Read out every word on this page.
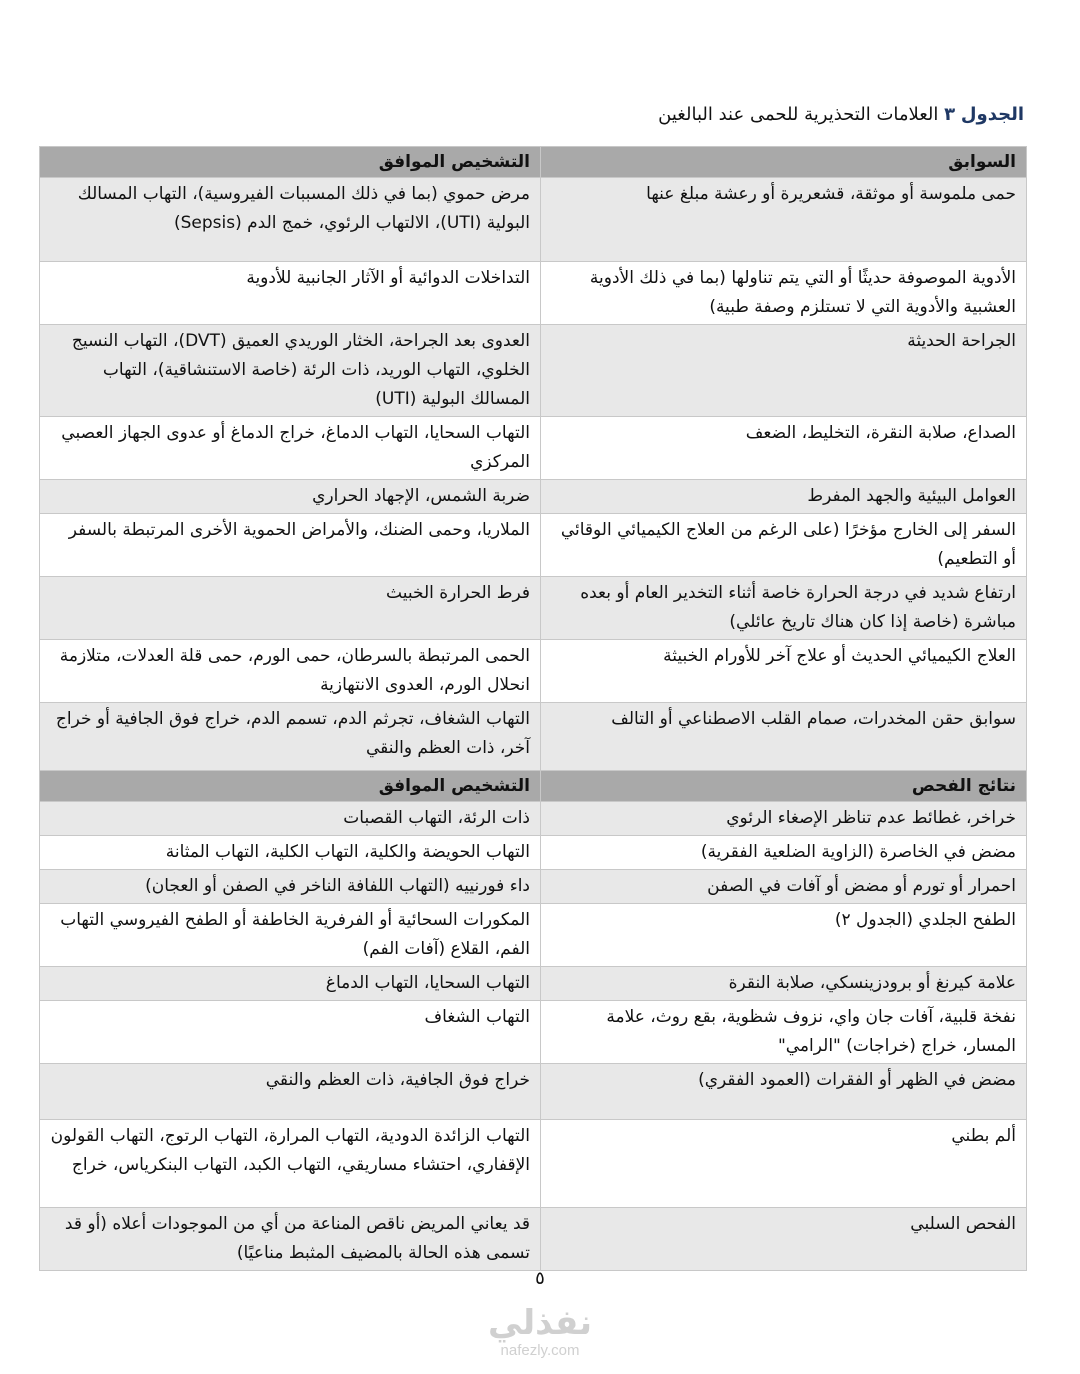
الجدول ٣ العلامات التحذيرية للحمى عند البالغين
السوابق	التشخيص الموافق
حمى ملموسة أو موثقة، قشعريرة أو رعشة مبلغ عنها	مرض حموي (بما في ذلك المسببات الفيروسية)، التهاب المسالك البولية (UTI)، الالتهاب الرئوي، خمج الدم (Sepsis)
الأدوية الموصوفة حديثًا أو التي يتم تناولها (بما في ذلك الأدوية العشبية والأدوية التي لا تستلزم وصفة طبية)	التداخلات الدوائية أو الآثار الجانبية للأدوية
الجراحة الحديثة	العدوى بعد الجراحة، الخثار الوريدي العميق (DVT)، التهاب النسيج الخلوي، التهاب الوريد، ذات الرئة (خاصة الاستنشاقية)، التهاب المسالك البولية (UTI)
الصداع، صلابة النقرة، التخليط، الضعف	التهاب السحايا، التهاب الدماغ، خراج الدماغ أو عدوى الجهاز العصبي المركزي
العوامل البيئية والجهد المفرط	ضربة الشمس، الإجهاد الحراري
السفر إلى الخارج مؤخرًا (على الرغم من العلاج الكيميائي الوقائي أو التطعيم)	الملاريا، وحمى الضنك، والأمراض الحموية الأخرى المرتبطة بالسفر
ارتفاع شديد في درجة الحرارة خاصة أثناء التخدير العام أو بعده مباشرة (خاصة إذا كان هناك تاريخ عائلي)	فرط الحرارة الخبيث
العلاج الكيميائي الحديث أو علاج آخر للأورام الخبيثة	الحمى المرتبطة بالسرطان، حمى الورم، حمى قلة العدلات، متلازمة انحلال الورم، العدوى الانتهازية
سوابق حقن المخدرات، صمام القلب الاصطناعي أو التالف	التهاب الشغاف، تجرثم الدم، تسمم الدم، خراج فوق الجافية أو خراج آخر، ذات العظم والنقي
نتائج الفحص	التشخيص الموافق
خراخر، غطائط عدم تناظر الإصغاء الرئوي	ذات الرئة، التهاب القصبات
مضض في الخاصرة (الزاوية الضلعية الفقرية)	التهاب الحويضة والكلية، التهاب الكلية، التهاب المثانة
احمرار أو تورم أو مضض أو آفات في الصفن	داء فورنييه (التهاب اللفافة الناخر في الصفن أو العجان)
الطفح الجلدي (الجدول ٢)	المكورات السحائية أو الفرفرية الخاطفة أو الطفح الفيروسي التهاب الفم، القلاع (آفات الفم)
علامة كيرنغ أو برودزينسكي، صلابة النقرة	التهاب السحايا، التهاب الدماغ
نفخة قلبية، آفات جان واي، نزوف شظوية، بقع روث، علامة المسار، خراج (خراجات) "الرامي"	التهاب الشغاف
مضض في الظهر أو الفقرات (العمود الفقري)	خراج فوق الجافية، ذات العظم والنقي
ألم بطني	التهاب الزائدة الدودية، التهاب المرارة، التهاب الرتوج، التهاب القولون الإقفاري، احتشاء مساريقي، التهاب الكبد، التهاب البنكرياس، خراج
الفحص السلبي	قد يعاني المريض ناقص المناعة من أي من الموجودات أعلاه (أو قد تسمى هذه الحالة بالمضيف المثبط مناعيًا)
٥
نفذلي
nafezly.com
